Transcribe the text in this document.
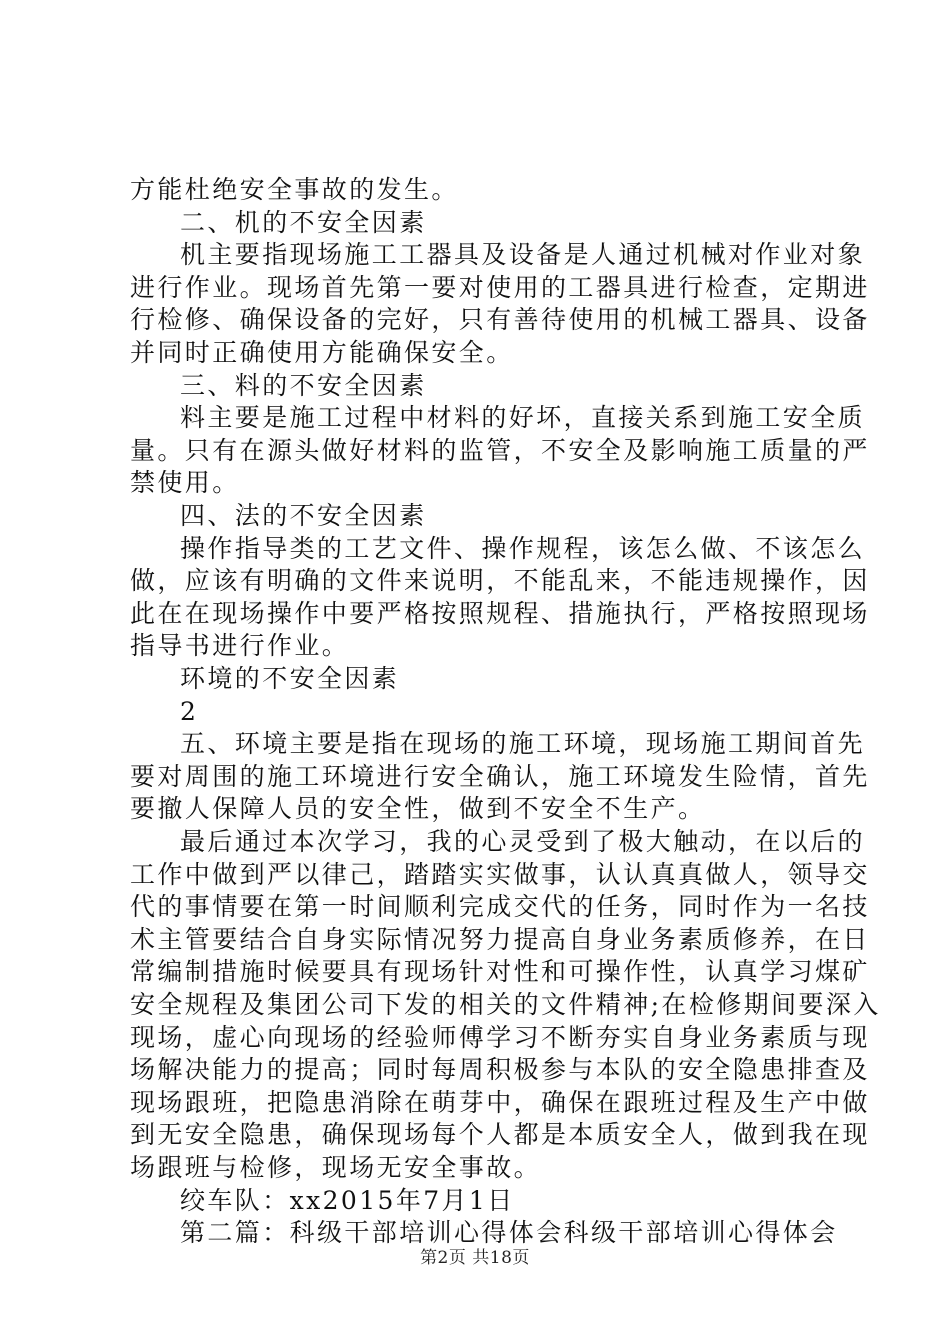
方能杜绝安全事故的发生。
二、机的不安全因素
机主要指现场施工工器具及设备是人通过机械对作业对象
进行作业。现场首先第一要对使用的工器具进行检查，定期进
行检修、确保设备的完好，只有善待使用的机械工器具、设备
并同时正确使用方能确保安全。
三、料的不安全因素
料主要是施工过程中材料的好坏，直接关系到施工安全质
量。只有在源头做好材料的监管，不安全及影响施工质量的严
禁使用。
四、法的不安全因素
操作指导类的工艺文件、操作规程，该怎么做、不该怎么
做，应该有明确的文件来说明，不能乱来，不能违规操作，因
此在在现场操作中要严格按照规程、措施执行，严格按照现场
指导书进行作业。
环境的不安全因素
2
五、环境主要是指在现场的施工环境，现场施工期间首先
要对周围的施工环境进行安全确认，施工环境发生险情，首先
要撤人保障人员的安全性，做到不安全不生产。
最后通过本次学习，我的心灵受到了极大触动，在以后的
工作中做到严以律己，踏踏实实做事，认认真真做人，领导交
代的事情要在第一时间顺利完成交代的任务，同时作为一名技
术主管要结合自身实际情况努力提高自身业务素质修养，在日
常编制措施时候要具有现场针对性和可操作性，认真学习煤矿
安全规程及集团公司下发的相关的文件精神;在检修期间要深入
现场，虚心向现场的经验师傅学习不断夯实自身业务素质与现
场解决能力的提高；同时每周积极参与本队的安全隐患排查及
现场跟班，把隐患消除在萌芽中，确保在跟班过程及生产中做
到无安全隐患，确保现场每个人都是本质安全人，做到我在现
场跟班与检修，现场无安全事故。
第2页 共18页
绞车队：xx2015年7月1日
第二篇：科级干部培训心得体会科级干部培训心得体会
